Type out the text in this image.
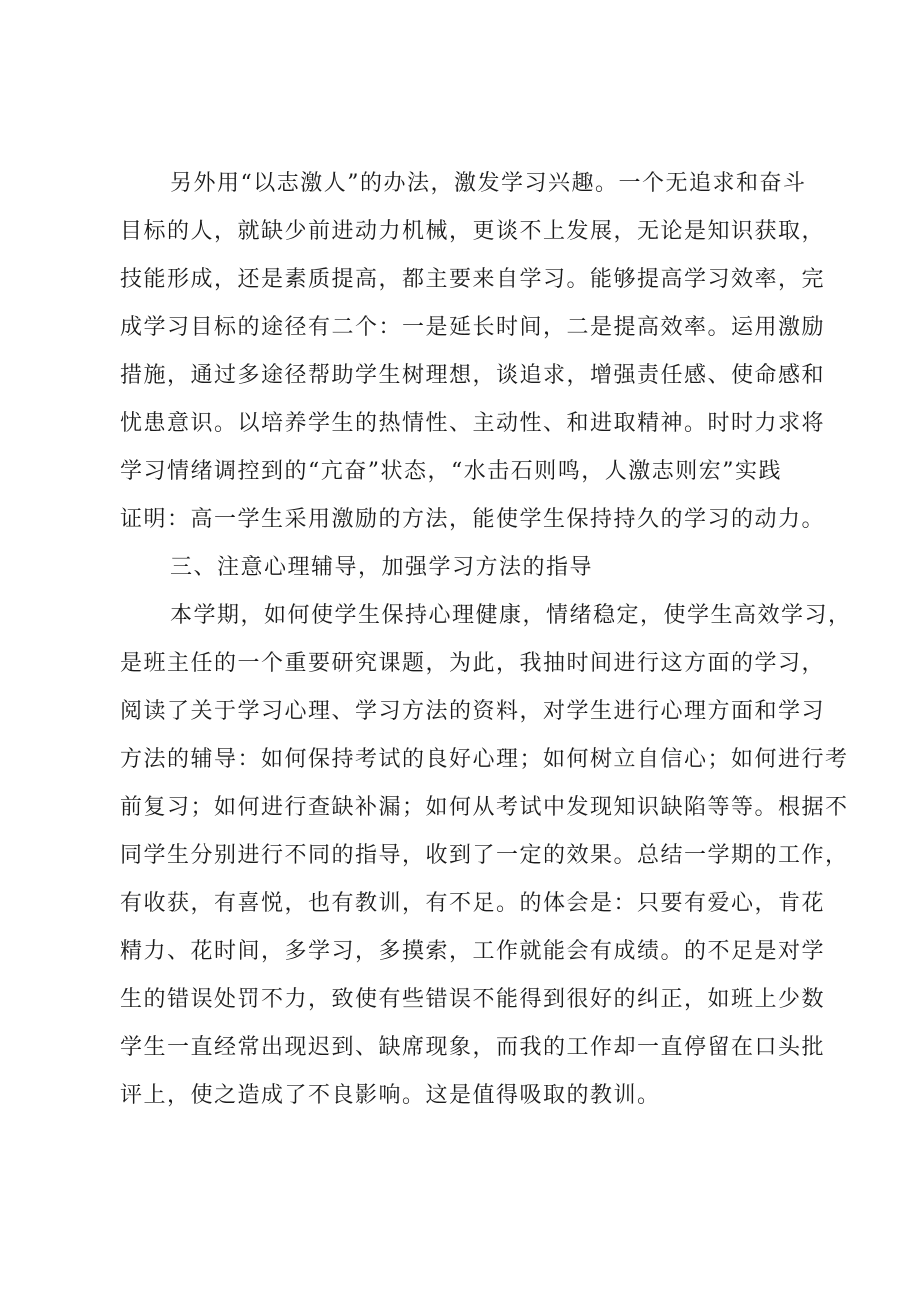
另外用“以志激人”的办法，激发学习兴趣。一个无追求和奋斗
目标的人，就缺少前进动力机械，更谈不上发展，无论是知识获取，
技能形成，还是素质提高，都主要来自学习。能够提高学习效率，完
成学习目标的途径有二个：一是延长时间，二是提高效率。运用激励
措施，通过多途径帮助学生树理想，谈追求，增强责任感、使命感和
忧患意识。以培养学生的热情性、主动性、和进取精神。时时力求将
学习情绪调控到的“亢奋”状态，“水击石则鸣，人激志则宏”实践
证明：高一学生采用激励的方法，能使学生保持持久的学习的动力。
三、注意心理辅导，加强学习方法的指导
本学期，如何使学生保持心理健康，情绪稳定，使学生高效学习，
是班主任的一个重要研究课题，为此，我抽时间进行这方面的学习，
阅读了关于学习心理、学习方法的资料，对学生进行心理方面和学习
方法的辅导：如何保持考试的良好心理；如何树立自信心；如何进行考
前复习；如何进行查缺补漏；如何从考试中发现知识缺陷等等。根据不
同学生分别进行不同的指导，收到了一定的效果。总结一学期的工作，
有收获，有喜悦，也有教训，有不足。的体会是：只要有爱心，肯花
精力、花时间，多学习，多摸索，工作就能会有成绩。的不足是对学
生的错误处罚不力，致使有些错误不能得到很好的纠正，如班上少数
学生一直经常出现迟到、缺席现象，而我的工作却一直停留在口头批
评上，使之造成了不良影响。这是值得吸取的教训。
